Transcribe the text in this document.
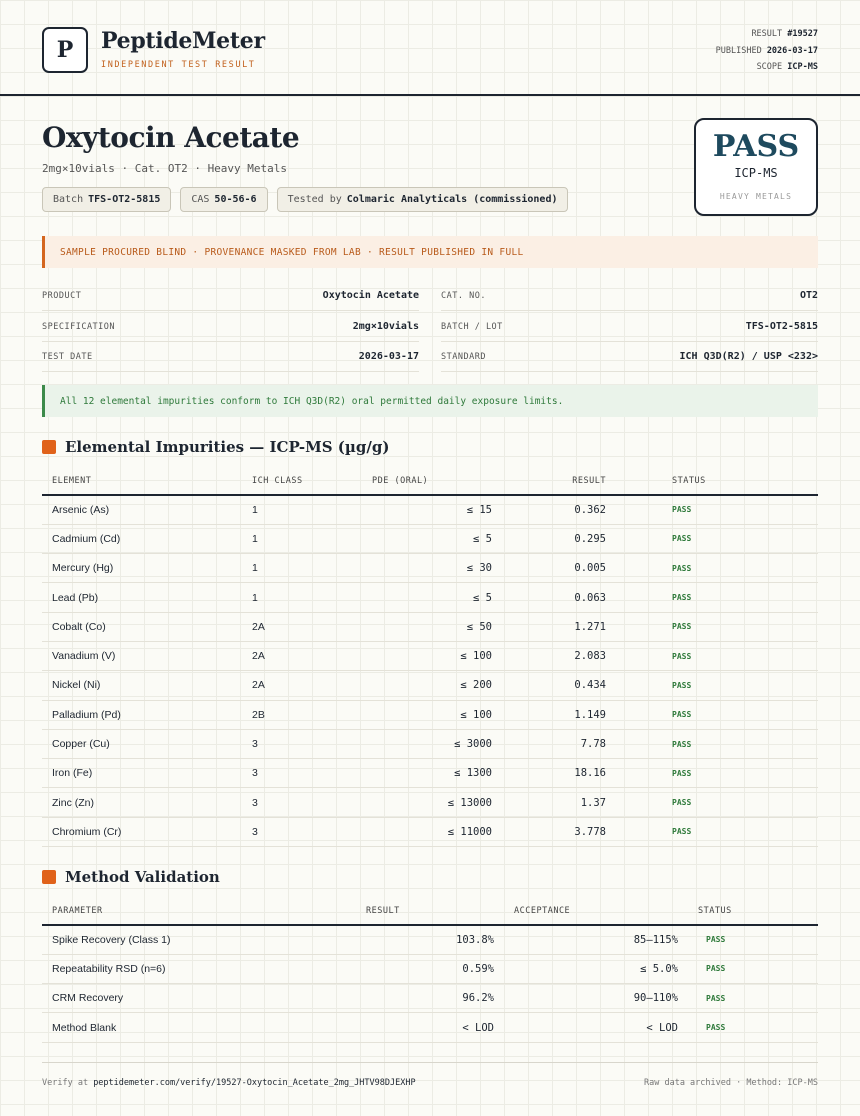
P	PeptideMeter
INDEPENDENT TEST RESULT
RESULT #19527
PUBLISHED 2026-03-17
SCOPE ICP-MS
Oxytocin Acetate
2mg×10vials · Cat. OT2 · Heavy Metals
Batch TFS-OT2-5815	CAS 50-56-6	Tested by Colmaric Analyticals (commissioned)
PASS
ICP-MS
HEAVY METALS
SAMPLE PROCURED BLIND · PROVENANCE MASKED FROM LAB · RESULT PUBLISHED IN FULL
PRODUCT	Oxytocin Acetate
SPECIFICATION	2mg×10vials
TEST DATE	2026-03-17
CAT. NO.	OT2
BATCH / LOT	TFS-OT2-5815
STANDARD	ICH Q3D(R2) / USP <232>
All 12 elemental impurities conform to ICH Q3D(R2) oral permitted daily exposure limits.
Elemental Impurities — ICP-MS (µg/g)
ELEMENT	ICH CLASS	PDE (ORAL)	RESULT	STATUS
Arsenic (As)	1	≤ 15	0.362	PASS
Cadmium (Cd)	1	≤ 5	0.295	PASS
Mercury (Hg)	1	≤ 30	0.005	PASS
Lead (Pb)	1	≤ 5	0.063	PASS
Cobalt (Co)	2A	≤ 50	1.271	PASS
Vanadium (V)	2A	≤ 100	2.083	PASS
Nickel (Ni)	2A	≤ 200	0.434	PASS
Palladium (Pd)	2B	≤ 100	1.149	PASS
Copper (Cu)	3	≤ 3000	7.78	PASS
Iron (Fe)	3	≤ 1300	18.16	PASS
Zinc (Zn)	3	≤ 13000	1.37	PASS
Chromium (Cr)	3	≤ 11000	3.778	PASS
Method Validation
PARAMETER	RESULT	ACCEPTANCE	STATUS
Spike Recovery (Class 1)	103.8%	85–115%	PASS
Repeatability RSD (n=6)	0.59%	≤ 5.0%	PASS
CRM Recovery	96.2%	90–110%	PASS
Method Blank	< LOD	< LOD	PASS
Verify at peptidemeter.com/verify/19527-Oxytocin_Acetate_2mg_JHTV98DJEXHP	Raw data archived · Method: ICP-MS
